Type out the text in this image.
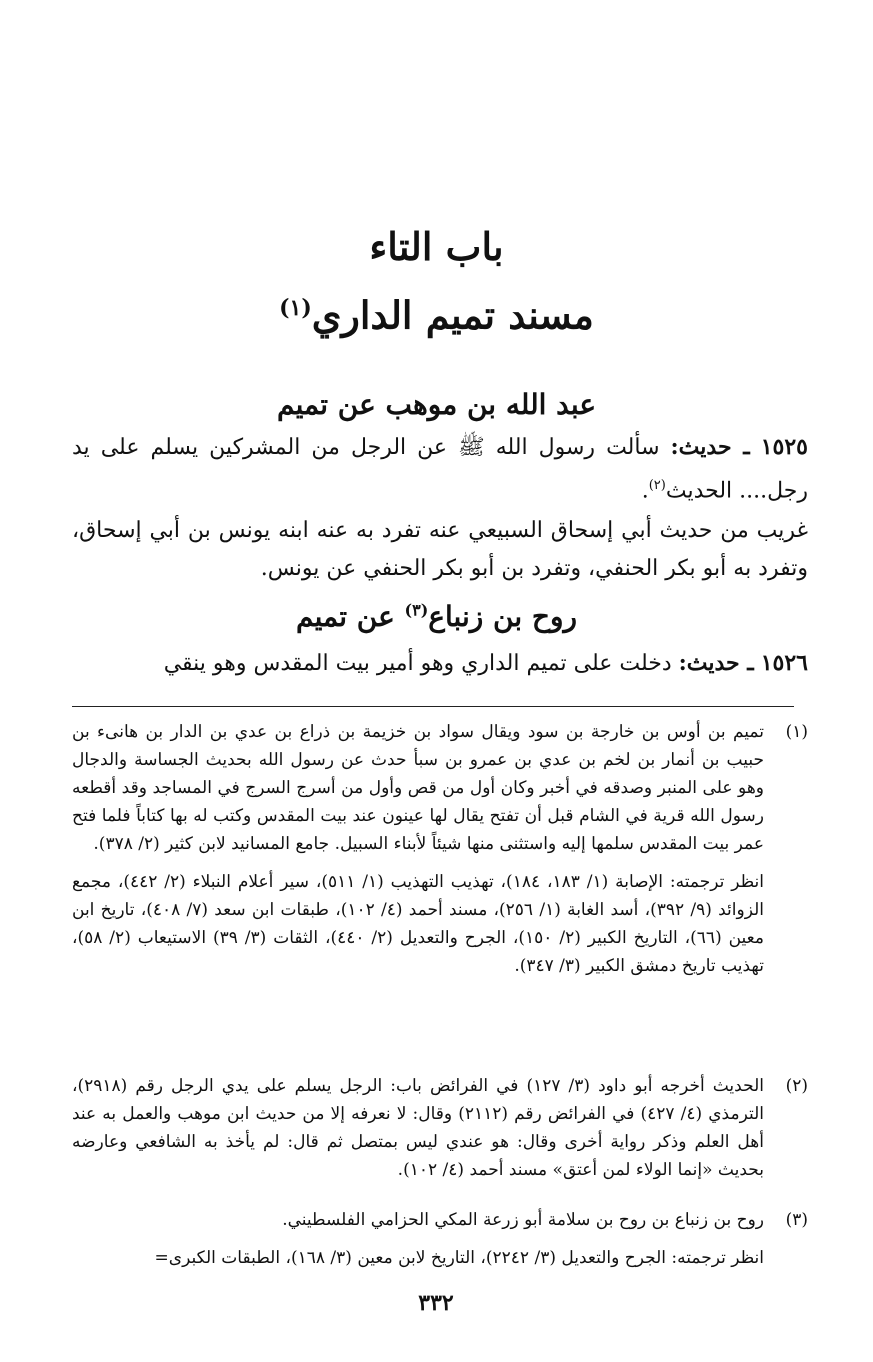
باب التاء
مسند تميم الداري$^{(١)}$
عبد الله بن موهب عن تميم
١٥٢٥ ـ حديث: سألت رسول الله ﷺ عن الرجل من المشركين يسلم على يد رجل.... الحديث$^{(٢)}$.
غريب من حديث أبي إسحاق السبيعي عنه تفرد به عنه ابنه يونس بن أبي إسحاق، وتفرد به أبو بكر الحنفي، وتفرد بن أبو بكر الحنفي عن يونس.
روح بن زنباع$^{(٣)}$ عن تميم
١٥٢٦ ـ حديث: دخلت على تميم الداري وهو أمير بيت المقدس وهو ينقي
(١)

تميم بن أوس بن خارجة بن سود ويقال سواد بن خزيمة بن ذراع بن عدي بن الدار بن هانىء بن حبيب بن أنمار بن لخم بن عدي بن عمرو بن سبأ حدث عن رسول الله بحديث الجساسة والدجال وهو على المنبر وصدقه في أخبر وكان أول من قص وأول من أسرج السرج في المساجد وقد أقطعه رسول الله قرية في الشام قبل أن تفتح يقال لها عينون عند بيت المقدس وكتب له بها كتاباً فلما فتح عمر بيت المقدس سلمها إليه واستثنى منها شيئاً لأبناء السبيل. جامع المسانيد لابن كثير (٢/ ٣٧٨).

انظر ترجمته: الإصابة (١/ ١٨٣، ١٨٤)، تهذيب التهذيب (١/ ٥١١)، سير أعلام النبلاء (٢/ ٤٤٢)، مجمع الزوائد (٩/ ٣٩٢)، أسد الغابة (١/ ٢٥٦)، مسند أحمد (٤/ ١٠٢)، طبقات ابن سعد (٧/ ٤٠٨)، تاريخ ابن معين (٦٦)، التاريخ الكبير (٢/ ١٥٠)، الجرح والتعديل (٢/ ٤٤٠)، الثقات (٣/ ٣٩) الاستيعاب (٢/ ٥٨)، تهذيب تاريخ دمشق الكبير (٣/ ٣٤٧).

(٢)

الحديث أخرجه أبو داود (٣/ ١٢٧) في الفرائض باب: الرجل يسلم على يدي الرجل رقم (٢٩١٨)، الترمذي (٤/ ٤٢٧) في الفرائض رقم (٢١١٢) وقال: لا نعرفه إلا من حديث ابن موهب والعمل به عند أهل العلم وذكر رواية أخرى وقال: هو عندي ليس بمتصل ثم قال: لم يأخذ به الشافعي وعارضه بحديث «إنما الولاء لمن أعتق» مسند أحمد (٤/ ١٠٢).

(٣)

روح بن زنباع بن روح بن سلامة أبو زرعة المكي الحزامي الفلسطيني.

انظر ترجمته: الجرح والتعديل (٣/ ٢٢٤٢)، التاريخ لابن معين (٣/ ١٦٨)، الطبقات الكبرى=

٣٣٢
